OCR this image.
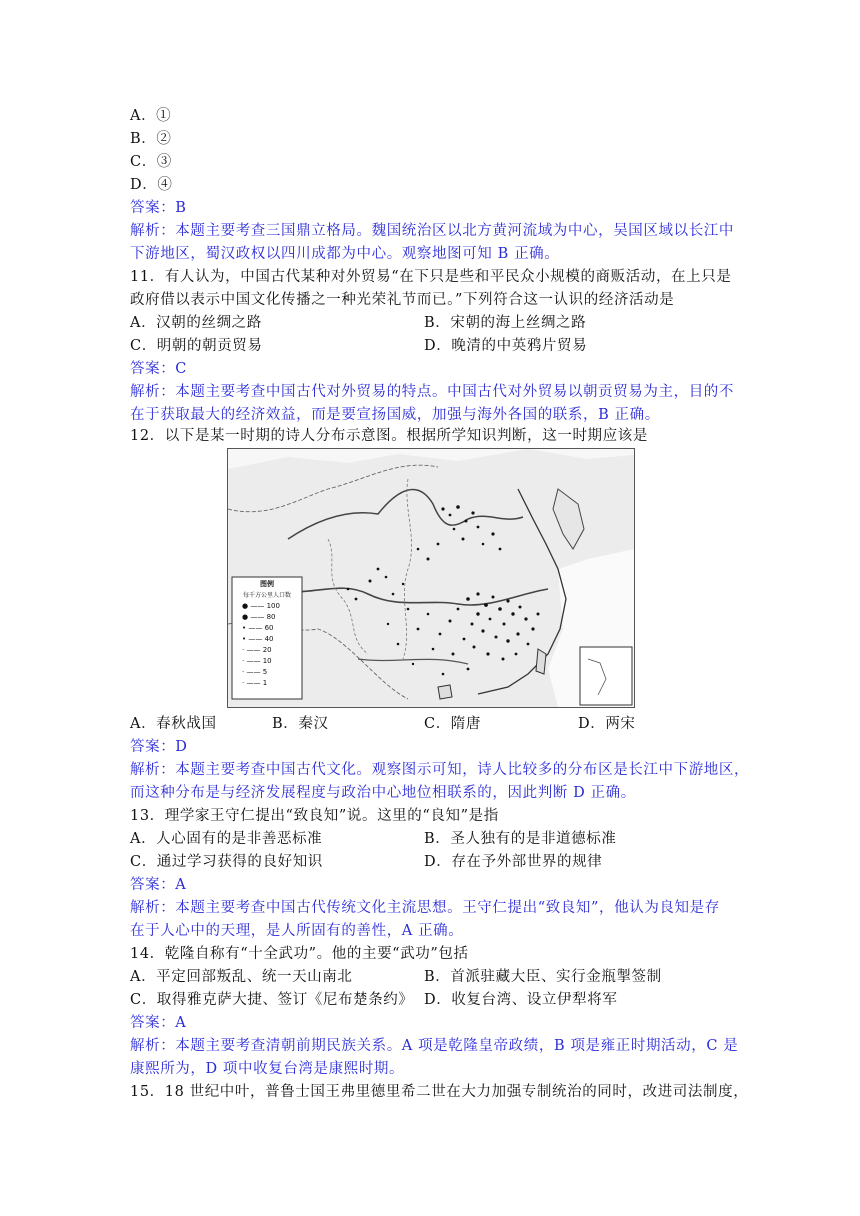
A．①
B．②
C．③
D．④
答案：B
解析：本题主要考查三国鼎立格局。魏国统治区以北方黄河流域为中心，吴国区域以长江中
下游地区，蜀汉政权以四川成都为中心。观察地图可知 B 正确。
11．有人认为，中国古代某种对外贸易“在下只是些和平民众小规模的商贩活动，在上只是
政府借以表示中国文化传播之一种光荣礼节而已。”下列符合这一认识的经济活动是
A．汉朝的丝绸之路	B．宋朝的海上丝绸之路
C．明朝的朝贡贸易	D．晚清的中英鸦片贸易
答案：C
解析：本题主要考查中国古代对外贸易的特点。中国古代对外贸易以朝贡贸易为主，目的不
在于获取最大的经济效益，而是要宣扬国威，加强与海外各国的联系，B 正确。
12．以下是某一时期的诗人分布示意图。根据所学知识判断，这一时期应该是
图例
每千方公里人口数
● —— 100
● —— 80
• —— 60
• —— 40
· —— 20
· —— 10
· —— 5
· —— 1
A．春秋战国	B．秦汉	C．隋唐	D．两宋
答案：D
解析：本题主要考查中国古代文化。观察图示可知，诗人比较多的分布区是长江中下游地区，
而这种分布是与经济发展程度与政治中心地位相联系的，因此判断 D 正确。
13．理学家王守仁提出“致良知”说。这里的“良知”是指
A．人心固有的是非善恶标准	B．圣人独有的是非道德标准
C．通过学习获得的良好知识	D．存在予外部世界的规律
答案：A
解析：本题主要考查中国古代传统文化主流思想。王守仁提出“致良知”，他认为良知是存
在于人心中的天理，是人所固有的善性，A 正确。
14．乾隆自称有“十全武功”。他的主要“武功”包括
A．平定回部叛乱、统一天山南北	B．首派驻藏大臣、实行金瓶掣签制
C．取得雅克萨大捷、签订《尼布楚条约》 D．收复台湾、设立伊犁将军
答案：A
解析：本题主要考查清朝前期民族关系。A 项是乾隆皇帝政绩，B 项是雍正时期活动，C 是
康熙所为，D 项中收复台湾是康熙时期。
15．18 世纪中叶，普鲁士国王弗里德里希二世在大力加强专制统治的同时，改进司法制度，
